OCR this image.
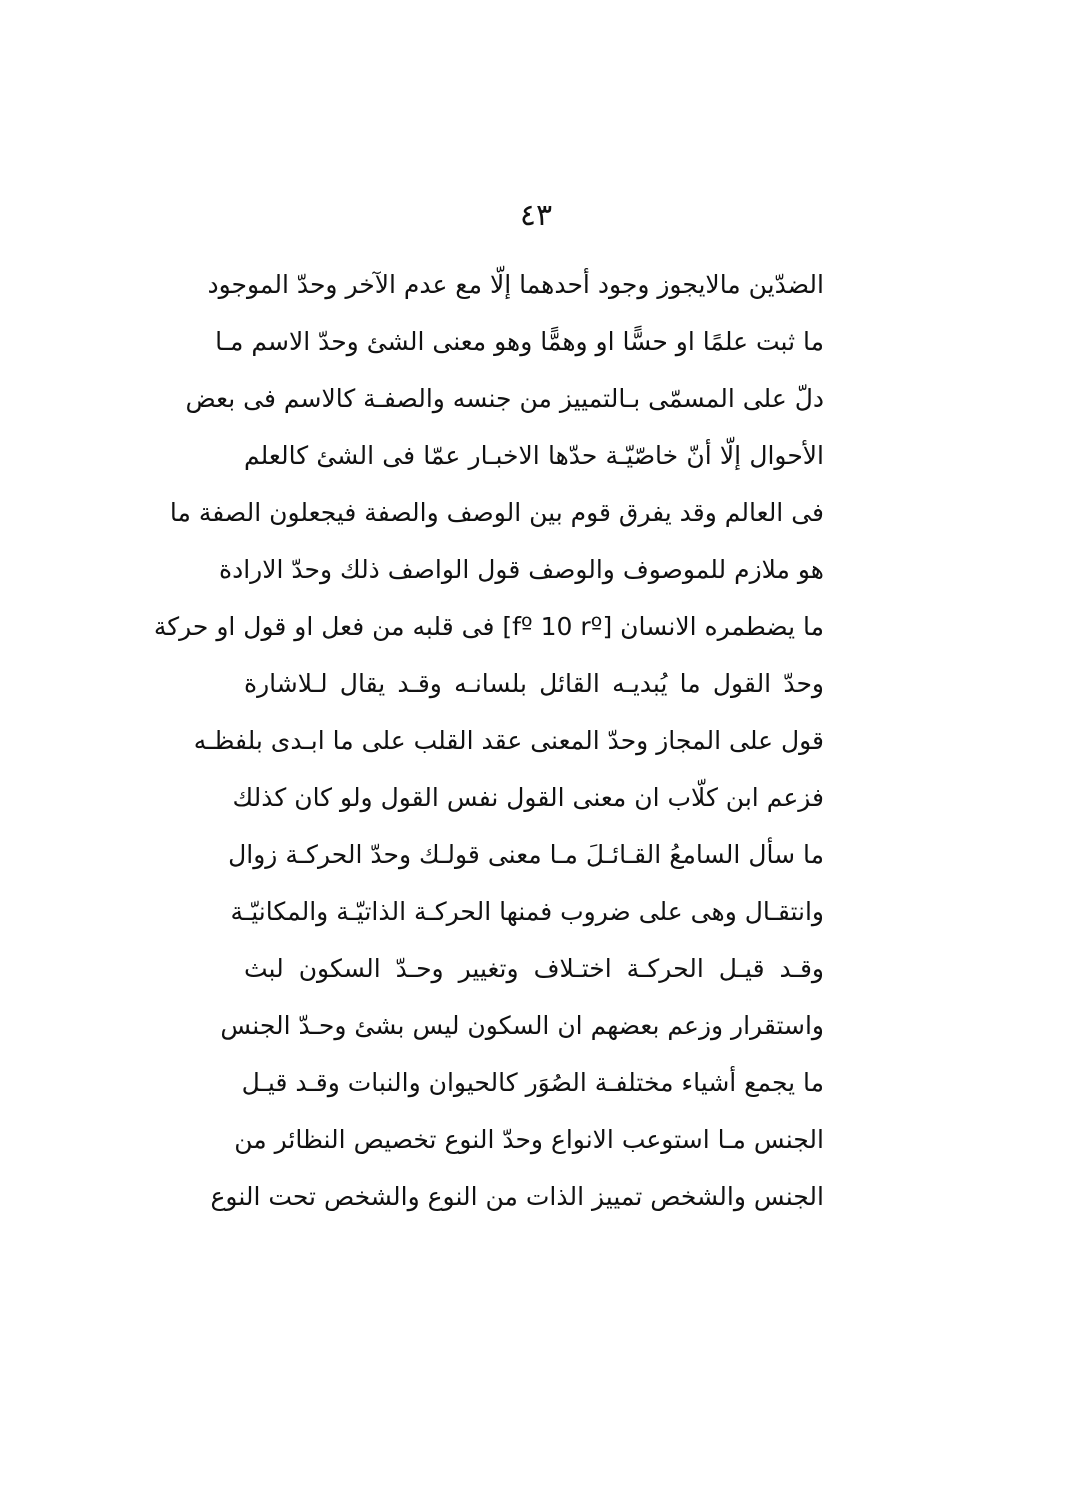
٤٣
الضدّين مالايجوز وجود أحدهما إلّا مع عدم الآخر وحدّ الموجود
ما ثبت علمًا او حسًّا او وهمًّا وهو معنى الشئ وحدّ الاسم مـا
دلّ على المسمّى بـالتمييز من جنسه والصفـة كالاسم فى بعض
الأحوال إلّا أنّ خاصّيّـة حدّها الاخبـار عمّا فى الشئ كالعلم
فى العالم وقد يفرق قوم بين الوصف والصفة فيجعلون الصفة ما
هو ملازم للموصوف والوصف قول الواصف ذلك وحدّ الارادة
ما يضطمره الانسان [fº 10 rº] فى قلبه من فعل او قول او حركة
وحدّ القول ما يُبديـه القائل بلسانـه وقـد يقال لـلاشارة
قول على المجاز وحدّ المعنى عقد القلب على ما ابـدى بلفظـه
فزعم ابن كلّاب ان معنى القول نفس القول ولو كان كذلك
ما سأل السامعُ القـائـلَ مـا معنى قولـك وحدّ الحركـة زوال
وانتقـال وهى على ضروب فمنها الحركـة الذاتيّـة والمكانيّـة
وقـد قيـل الحركـة اختـلاف وتغيير وحـدّ السكون لبث
واستقرار وزعم بعضهم ان السكون ليس بشئ وحـدّ الجنس
ما يجمع أشياء مختلفـة الصُوَر كالحيوان والنبات وقـد قيـل
الجنس مـا استوعب الانواع وحدّ النوع تخصيص النظائر من
الجنس والشخص تمييز الذات من النوع والشخص تحت النوع
